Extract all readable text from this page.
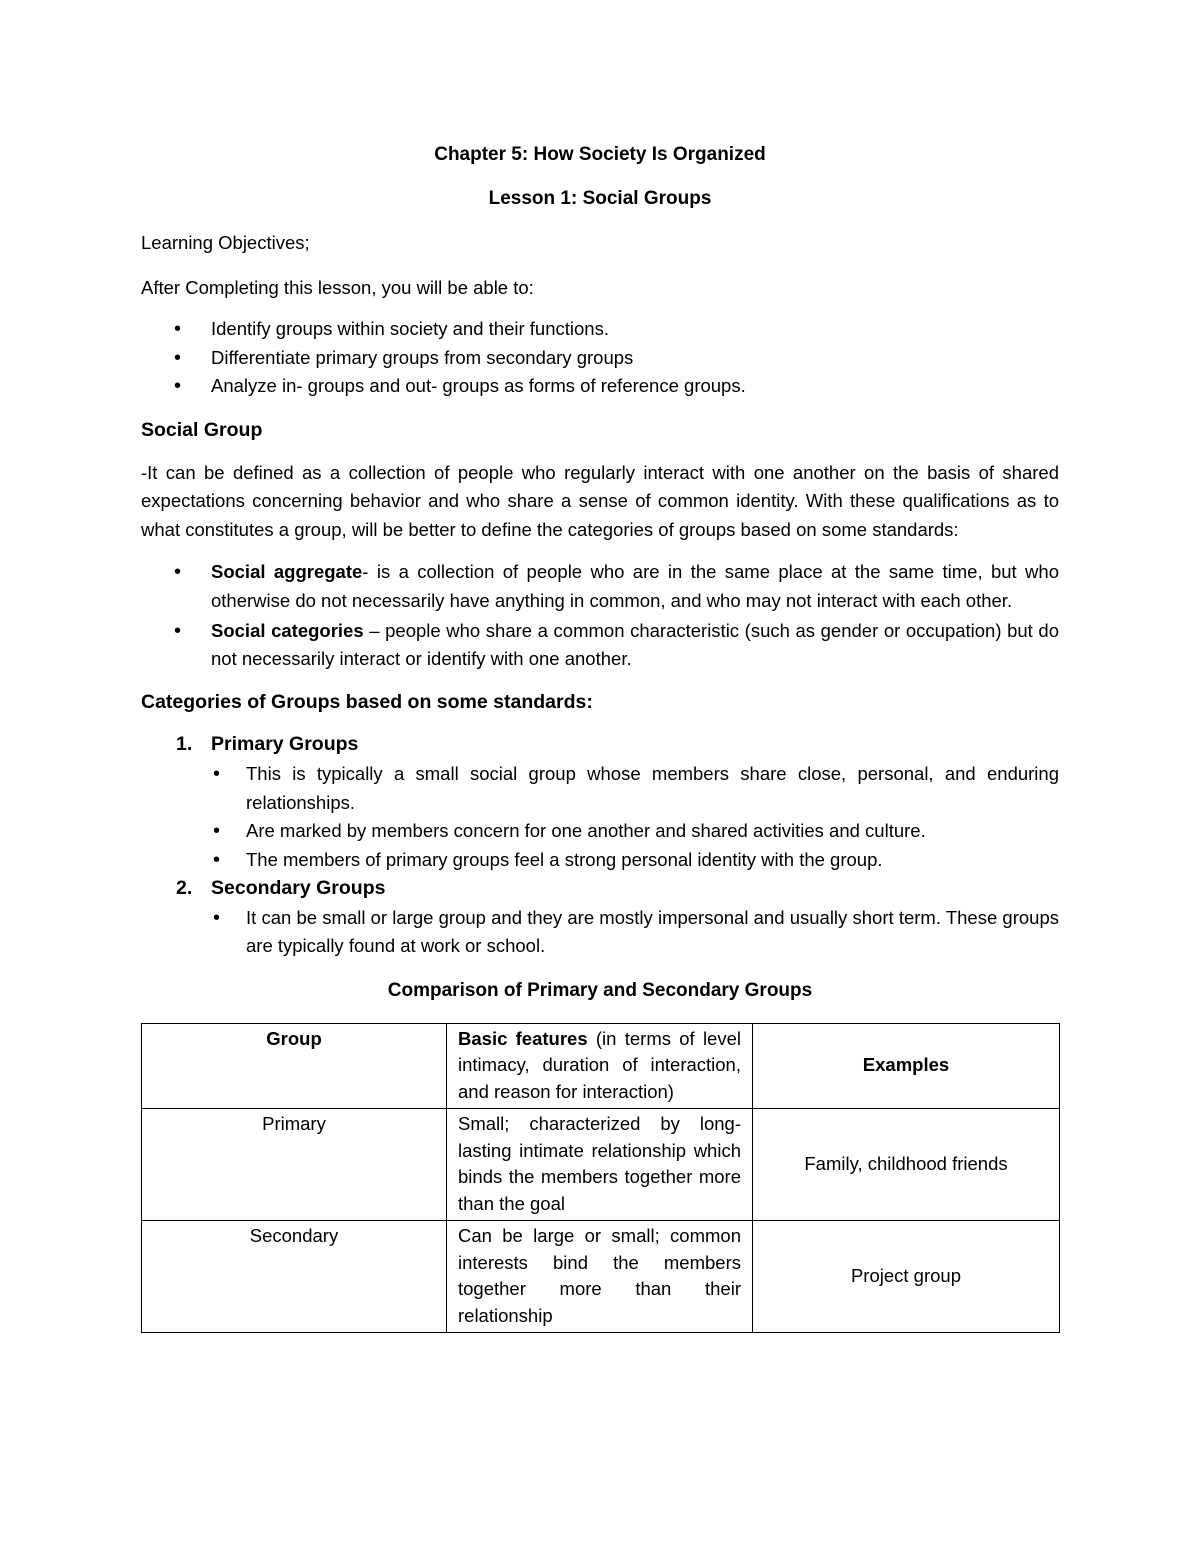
Chapter 5: How Society Is Organized

Lesson 1: Social Groups

Learning Objectives;

After Completing this lesson, you will be able to:

• Identify groups within society and their functions.
• Differentiate primary groups from secondary groups
• Analyze in- groups and out- groups as forms of reference groups.

Social Group

-It can be defined as a collection of people who regularly interact with one another on the basis of shared expectations concerning behavior and who share a sense of common identity. With these qualifications as to what constitutes a group, will be better to define the categories of groups based on some standards:

• Social aggregate- is a collection of people who are in the same place at the same time, but who otherwise do not necessarily have anything in common, and who may not interact with each other.
• Social categories – people who share a common characteristic (such as gender or occupation) but do not necessarily interact or identify with one another.

Categories of Groups based on some standards:

1. Primary Groups
• This is typically a small social group whose members share close, personal, and enduring relationships.
• Are marked by members concern for one another and shared activities and culture.
• The members of primary groups feel a strong personal identity with the group.
2. Secondary Groups
• It can be small or large group and they are mostly impersonal and usually short term. These groups are typically found at work or school.

Comparison of Primary and Secondary Groups

Group	Basic features (in terms of level intimacy, duration of interaction, and reason for interaction)	Examples
Primary	Small; characterized by long-lasting intimate relationship which binds the members together more than the goal	Family, childhood friends
Secondary	Can be large or small; common interests bind the members together more than their relationship	Project group
